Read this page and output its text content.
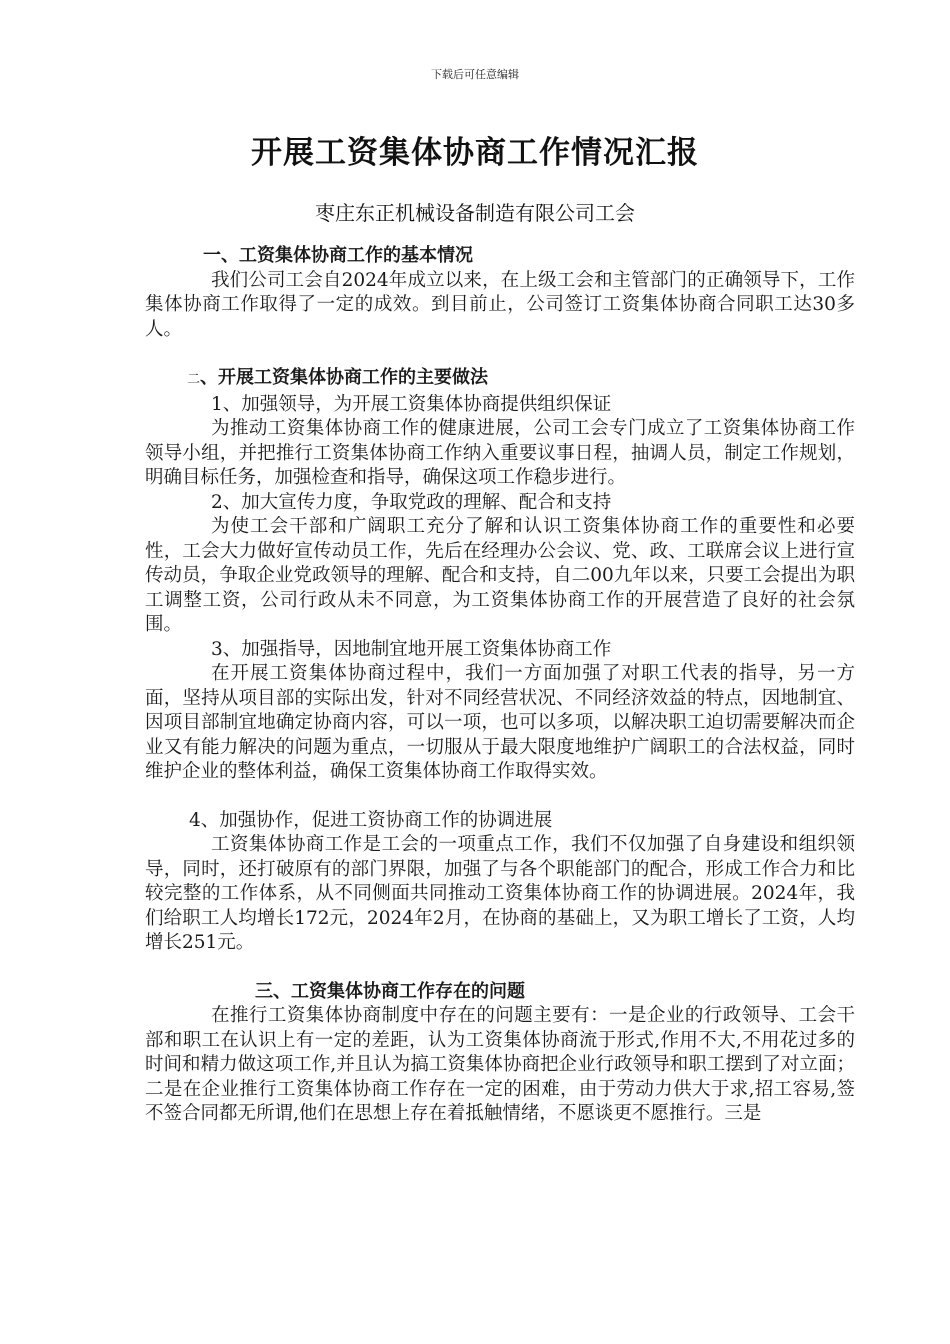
下载后可任意编辑
开展工资集体协商工作情况汇报
枣庄东正机械设备制造有限公司工会

一、工资集体协商工作的基本情况

我们公司工会自2024年成立以来，在上级工会和主管部门的正确领导下，工作集体协商工作取得了一定的成效。到目前止，公司签订工资集体协商合同职工达30多人。

二、开展工资集体协商工作的主要做法

1、加强领导，为开展工资集体协商提供组织保证

为推动工资集体协商工作的健康进展，公司工会专门成立了工资集体协商工作领导小组，并把推行工资集体协商工作纳入重要议事日程，抽调人员，制定工作规划，明确目标任务，加强检查和指导，确保这项工作稳步进行。

2、加大宣传力度，争取党政的理解、配合和支持

为使工会干部和广阔职工充分了解和认识工资集体协商工作的重要性和必要性，工会大力做好宣传动员工作，先后在经理办公会议、党、政、工联席会议上进行宣传动员，争取企业党政领导的理解、配合和支持，自二00九年以来，只要工会提出为职工调整工资，公司行政从未不同意，为工资集体协商工作的开展营造了良好的社会氛围。

3、加强指导，因地制宜地开展工资集体协商工作

在开展工资集体协商过程中，我们一方面加强了对职工代表的指导，另一方面，坚持从项目部的实际出发，针对不同经营状况、不同经济效益的特点，因地制宜、因项目部制宜地确定协商内容，可以一项，也可以多项，以解决职工迫切需要解决而企业又有能力解决的问题为重点，一切服从于最大限度地维护广阔职工的合法权益，同时维护企业的整体利益，确保工资集体协商工作取得实效。

4、加强协作，促进工资协商工作的协调进展

工资集体协商工作是工会的一项重点工作，我们不仅加强了自身建设和组织领导，同时，还打破原有的部门界限，加强了与各个职能部门的配合，形成工作合力和比较完整的工作体系，从不同侧面共同推动工资集体协商工作的协调进展。2024年，我们给职工人均增长172元，2024年2月，在协商的基础上，又为职工增长了工资，人均增长251元。

三、工资集体协商工作存在的问题

在推行工资集体协商制度中存在的问题主要有：一是企业的行政领导、工会干部和职工在认识上有一定的差距，认为工资集体协商流于形式,作用不大,不用花过多的时间和精力做这项工作,并且认为搞工资集体协商把企业行政领导和职工摆到了对立面；二是在企业推行工资集体协商工作存在一定的困难，由于劳动力供大于求,招工容易,签不签合同都无所谓,他们在思想上存在着抵触情绪，不愿谈更不愿推行。三是
